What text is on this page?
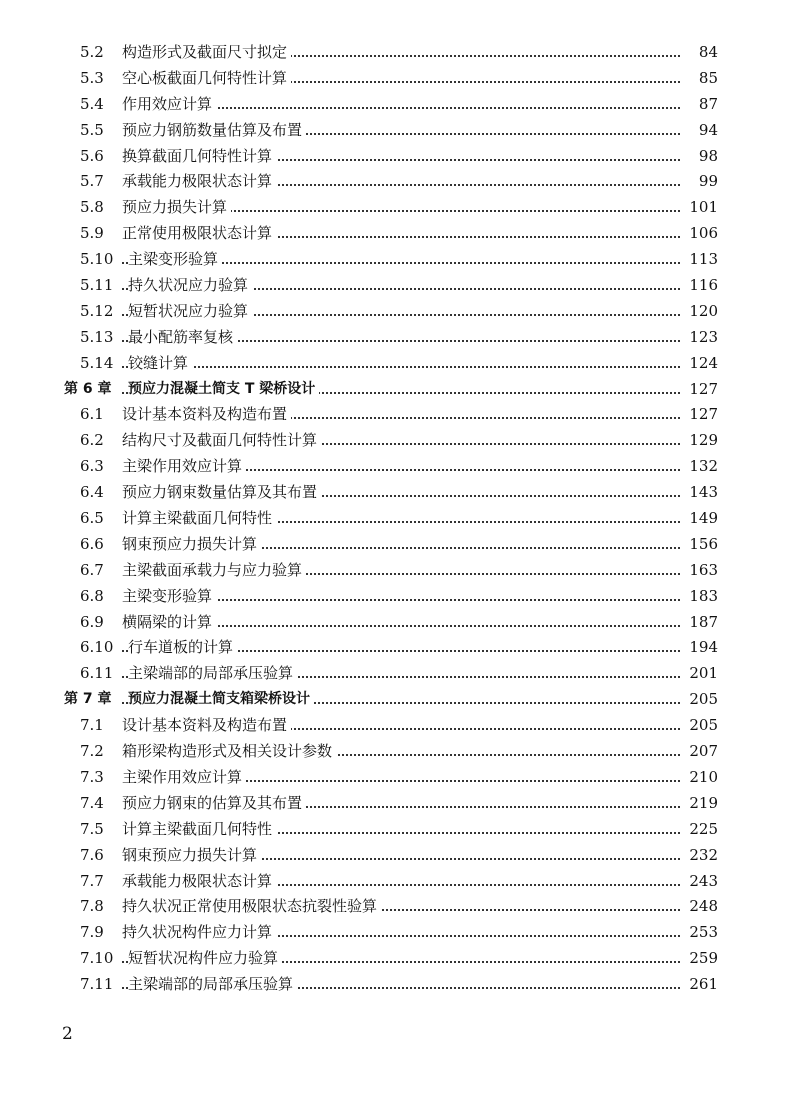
5.2 构造形式及截面尺寸拟定	84
5.3 空心板截面几何特性计算	85
5.4 作用效应计算	87
5.5 预应力钢筋数量估算及布置	94
5.6 换算截面几何特性计算	98
5.7 承载能力极限状态计算	99
5.8 预应力损失计算	101
5.9 正常使用极限状态计算	106
5.10 主梁变形验算	113
5.11 持久状况应力验算	116
5.12 短暂状况应力验算	120
5.13 最小配筋率复核	123
5.14 铰缝计算	124
第 6 章 预应力混凝土简支 T 梁桥设计	127
6.1 设计基本资料及构造布置	127
6.2 结构尺寸及截面几何特性计算	129
6.3 主梁作用效应计算	132
6.4 预应力钢束数量估算及其布置	143
6.5 计算主梁截面几何特性	149
6.6 钢束预应力损失计算	156
6.7 主梁截面承载力与应力验算	163
6.8 主梁变形验算	183
6.9 横隔梁的计算	187
6.10 行车道板的计算	194
6.11 主梁端部的局部承压验算	201
第 7 章 预应力混凝土简支箱梁桥设计	205
7.1 设计基本资料及构造布置	205
7.2 箱形梁构造形式及相关设计参数	207
7.3 主梁作用效应计算	210
7.4 预应力钢束的估算及其布置	219
7.5 计算主梁截面几何特性	225
7.6 钢束预应力损失计算	232
7.7 承载能力极限状态计算	243
7.8 持久状况正常使用极限状态抗裂性验算	248
7.9 持久状况构件应力计算	253
7.10 短暂状况构件应力验算	259
7.11 主梁端部的局部承压验算	261
2
